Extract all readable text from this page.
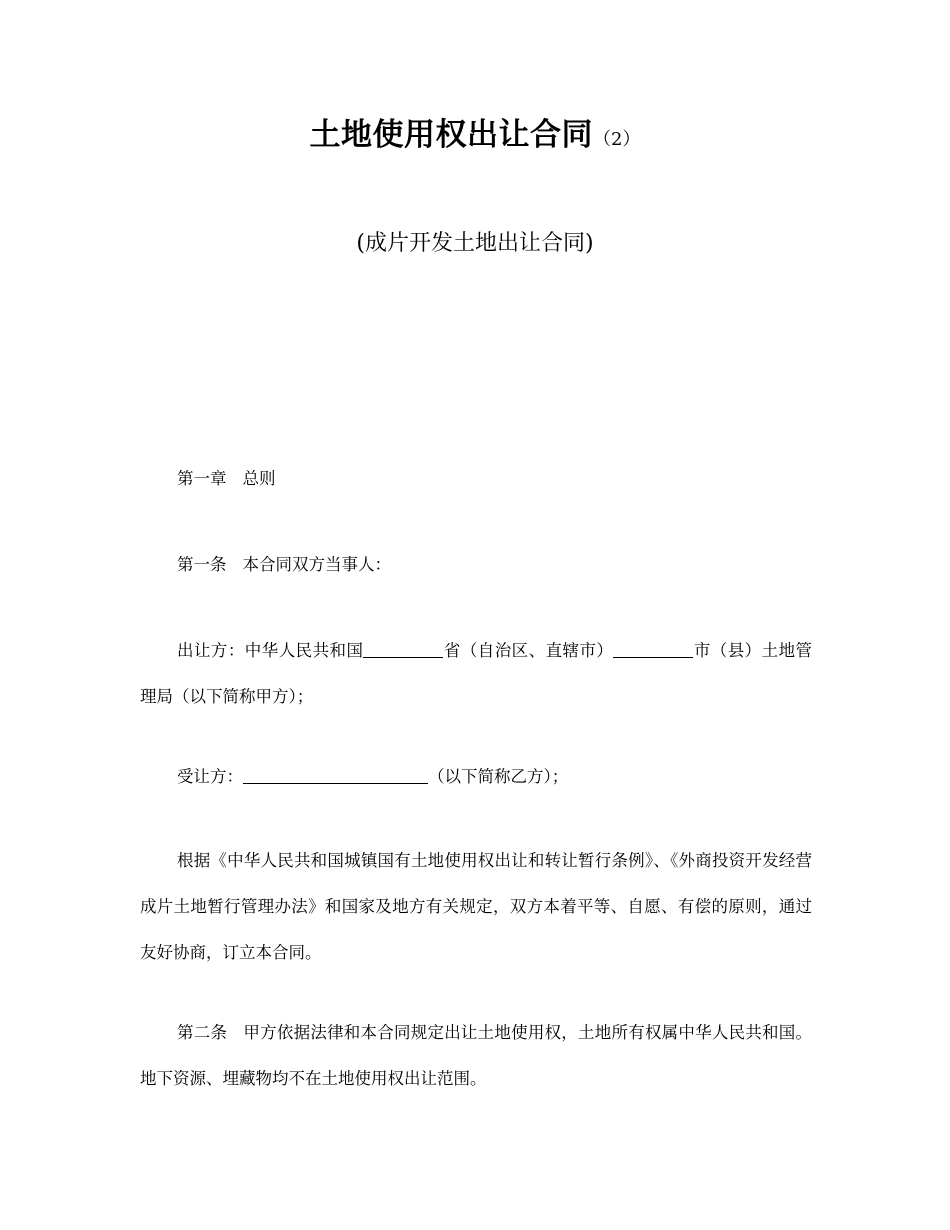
土地使用权出让合同（2）
(成片开发土地出让合同)
第一章 总则
第一条 本合同双方当事人：
出让方：中华人民共和国	省（自治区、直辖市）	市（县）土地管理局（以下简称甲方）；
受让方：	（以下简称乙方）；
根据《中华人民共和国城镇国有土地使用权出让和转让暂行条例》、《外商投资开发经营成片土地暂行管理办法》和国家及地方有关规定，双方本着平等、自愿、有偿的原则，通过友好协商，订立本合同。
第二条 甲方依据法律和本合同规定出让土地使用权，土地所有权属中华人民共和国。地下资源、埋藏物均不在土地使用权出让范围。
